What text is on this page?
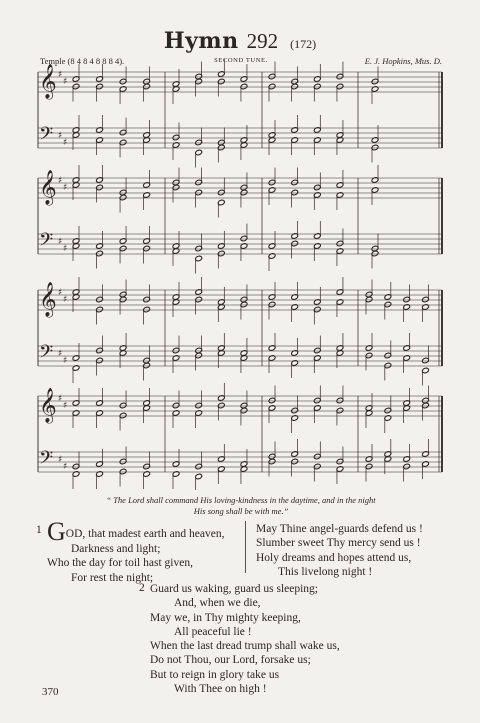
Hymn 292 (172)
Temple (8 4 8 4 8 8 8 4).	SECOND TUNE.	E. J. Hopkins, Mus. D.
𝄞
𝄢
♯
♯
♯
♯
𝄞
𝄢
♯
♯
♯
♯
𝄞
𝄢
♯
♯
♯
♯
𝄞
𝄢
♯
♯
♯
♯
“ The Lord shall command His loving-kindness in the daytime, and in the night
His song shall be with me.”
1 GOD, that madest earth and heaven,
Darkness and light;
Who the day for toil hast given,
For rest the night;
May Thine angel-guards defend us !
Slumber sweet Thy mercy send us !
Holy dreams and hopes attend us,
This livelong night !
2 Guard us waking, guard us sleeping;
And, when we die,
May we, in Thy mighty keeping,
All peaceful lie !
When the last dread trump shall wake us,
Do not Thou, our Lord, forsake us;
But to reign in glory take us
With Thee on high !
370
